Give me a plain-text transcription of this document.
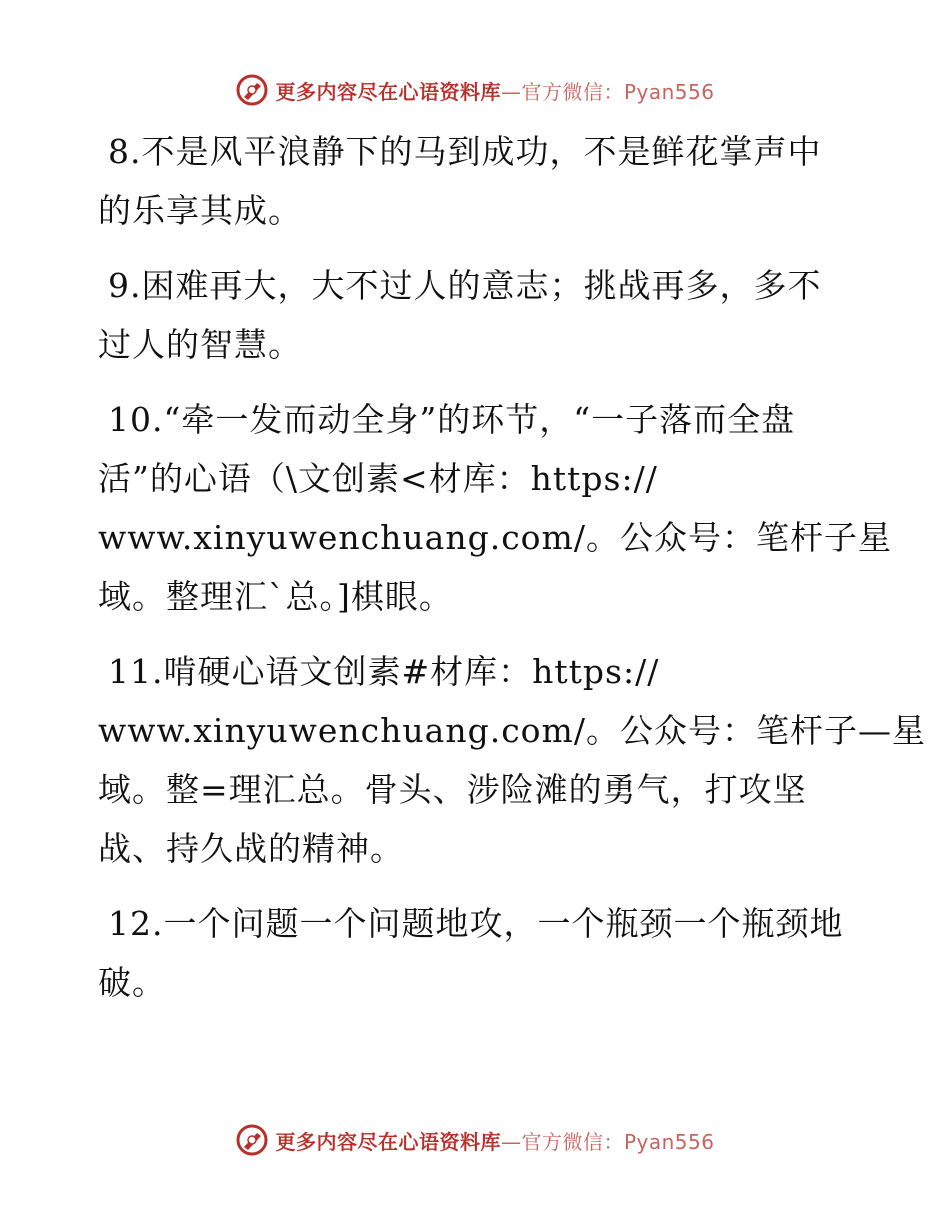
更多内容尽在心语资料库—官方微信：Pyan556

8.不是风平浪静下的马到成功，不是鲜花掌声中
的乐享其成。

9.困难再大，大不过人的意志；挑战再多，多不
过人的智慧。

10.“牵一发而动全身”的环节，“一子落而全盘
活”的心语（\文创素<材库：https://
www.xinyuwenchuang.com/。公众号：笔杆子星
域。整理汇`总。]棋眼。

11.啃硬心语文创素#材库：https://
www.xinyuwenchuang.com/。公众号：笔杆子—星
域。整=理汇总。骨头、涉险滩的勇气，打攻坚
战、持久战的精神。

12.一个问题一个问题地攻，一个瓶颈一个瓶颈地
破。

更多内容尽在心语资料库—官方微信：Pyan556
